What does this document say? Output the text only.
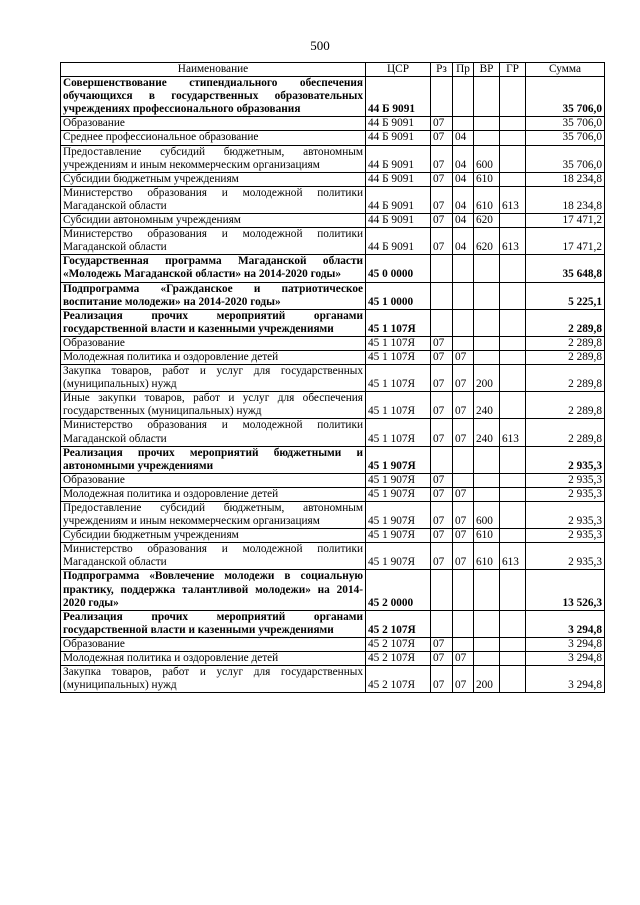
500
Наименование	ЦСР	Рз	Пр	ВР	ГР	Сумма
Совершенствование стипендиального обеспечения обучающихся в государственных образовательных учреждениях профессионального образования	44 Б 9091					35 706,0
Образование	44 Б 9091	07				35 706,0
Среднее профессиональное образование	44 Б 9091	07	04			35 706,0
Предоставление субсидий бюджетным, автономным учреждениям и иным некоммерческим организациям	44 Б 9091	07	04	600		35 706,0
Субсидии бюджетным учреждениям	44 Б 9091	07	04	610		18 234,8
Министерство образования и молодежной политики Магаданской области	44 Б 9091	07	04	610	613	18 234,8
Субсидии автономным учреждениям	44 Б 9091	07	04	620		17 471,2
Министерство образования и молодежной политики Магаданской области	44 Б 9091	07	04	620	613	17 471,2
Государственная программа Магаданской области «Молодежь Магаданской области» на 2014-2020 годы»	45 0 0000					35 648,8
Подпрограмма «Гражданское и патриотическое воспитание молодежи» на 2014-2020 годы»	45 1 0000					5 225,1
Реализация прочих мероприятий органами государственной власти и казенными учреждениями	45 1 107Я					2 289,8
Образование	45 1 107Я	07				2 289,8
Молодежная политика и оздоровление детей	45 1 107Я	07	07			2 289,8
Закупка товаров, работ и услуг для государственных (муниципальных) нужд	45 1 107Я	07	07	200		2 289,8
Иные закупки товаров, работ и услуг для обеспечения государственных (муниципальных) нужд	45 1 107Я	07	07	240		2 289,8
Министерство образования и молодежной политики Магаданской области	45 1 107Я	07	07	240	613	2 289,8
Реализация прочих мероприятий бюджетными и автономными учреждениями	45 1 907Я					2 935,3
Образование	45 1 907Я	07				2 935,3
Молодежная политика и оздоровление детей	45 1 907Я	07	07			2 935,3
Предоставление субсидий бюджетным, автономным учреждениям и иным некоммерческим организациям	45 1 907Я	07	07	600		2 935,3
Субсидии бюджетным учреждениям	45 1 907Я	07	07	610		2 935,3
Министерство образования и молодежной политики Магаданской области	45 1 907Я	07	07	610	613	2 935,3
Подпрограмма «Вовлечение молодежи в социальную практику, поддержка талантливой молодежи» на 2014-2020 годы»	45 2 0000					13 526,3
Реализация прочих мероприятий органами государственной власти и казенными учреждениями	45 2 107Я					3 294,8
Образование	45 2 107Я	07				3 294,8
Молодежная политика и оздоровление детей	45 2 107Я	07	07			3 294,8
Закупка товаров, работ и услуг для государственных (муниципальных) нужд	45 2 107Я	07	07	200		3 294,8
